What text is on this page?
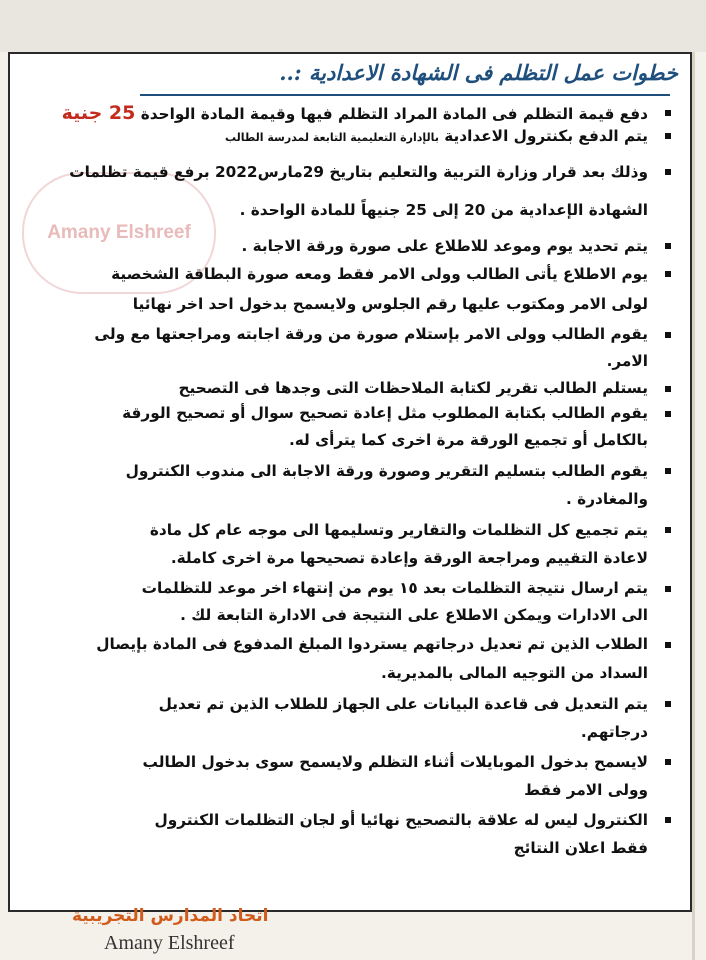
Amany Elshreef
خطوات عمل التظلم فى الشهادة الاعدادية :..
دفع قيمة التظلم فى المادة المراد التظلم فيها وقيمة المادة الواحدة 25 جنية
يتم الدفع بكنترول الاعدادية بالإدارة التعليمية التابعة لمدرسة الطالب
وذلك بعد قرار وزارة التربية والتعليم بتاريخ 29مارس2022 برفع قيمة تظلمات
الشهادة الإعدادية من 20 إلى 25 جنيهاً للمادة الواحدة .
يتم تحديد يوم وموعد للاطلاع على صورة ورقة الاجابة .
يوم الاطلاع يأتى الطالب وولى الامر فقط ومعه صورة البطاقة الشخصية
لولى الامر ومكتوب عليها رقم الجلوس ولايسمح بدخول احد اخر نهائيا
يقوم الطالب وولى الامر بإستلام صورة من ورقة اجابته ومراجعتها مع ولى
الامر.
يستلم الطالب تقرير لكتابة الملاحظات التى وجدها فى التصحيح
يقوم الطالب بكتابة المطلوب مثل إعادة تصحيح سوال أو تصحيح الورقة
بالكامل أو تجميع الورقة مرة اخرى كما يترأى له.
يقوم الطالب بتسليم التقرير وصورة ورقة الاجابة الى مندوب الكنترول
والمغادرة .
يتم تجميع كل التظلمات والتقارير وتسليمها الى موجه عام كل مادة
لاعادة التقييم ومراجعة الورقة وإعادة تصحيحها مرة اخرى كاملة.
يتم ارسال نتيجة التظلمات بعد ١٥ يوم من إنتهاء اخر موعد للتظلمات
الى الادارات ويمكن الاطلاع على النتيجة فى الادارة التابعة لك .
الطلاب الذين تم تعديل درجاتهم يستردوا المبلغ المدفوع فى المادة بإيصال
السداد من التوجيه المالى بالمديرية.
يتم التعديل فى قاعدة البيانات على الجهاز للطلاب الذين تم تعديل
درجاتهم.
لايسمح بدخول الموبايلات أثناء التظلم ولايسمح سوى بدخول الطالب
وولى الامر فقط
الكنترول ليس له علاقة بالتصحيح نهائيا أو لجان التظلمات الكنترول
فقط اعلان النتائج
اتحاد المدارس التجريبية
Amany Elshreef
